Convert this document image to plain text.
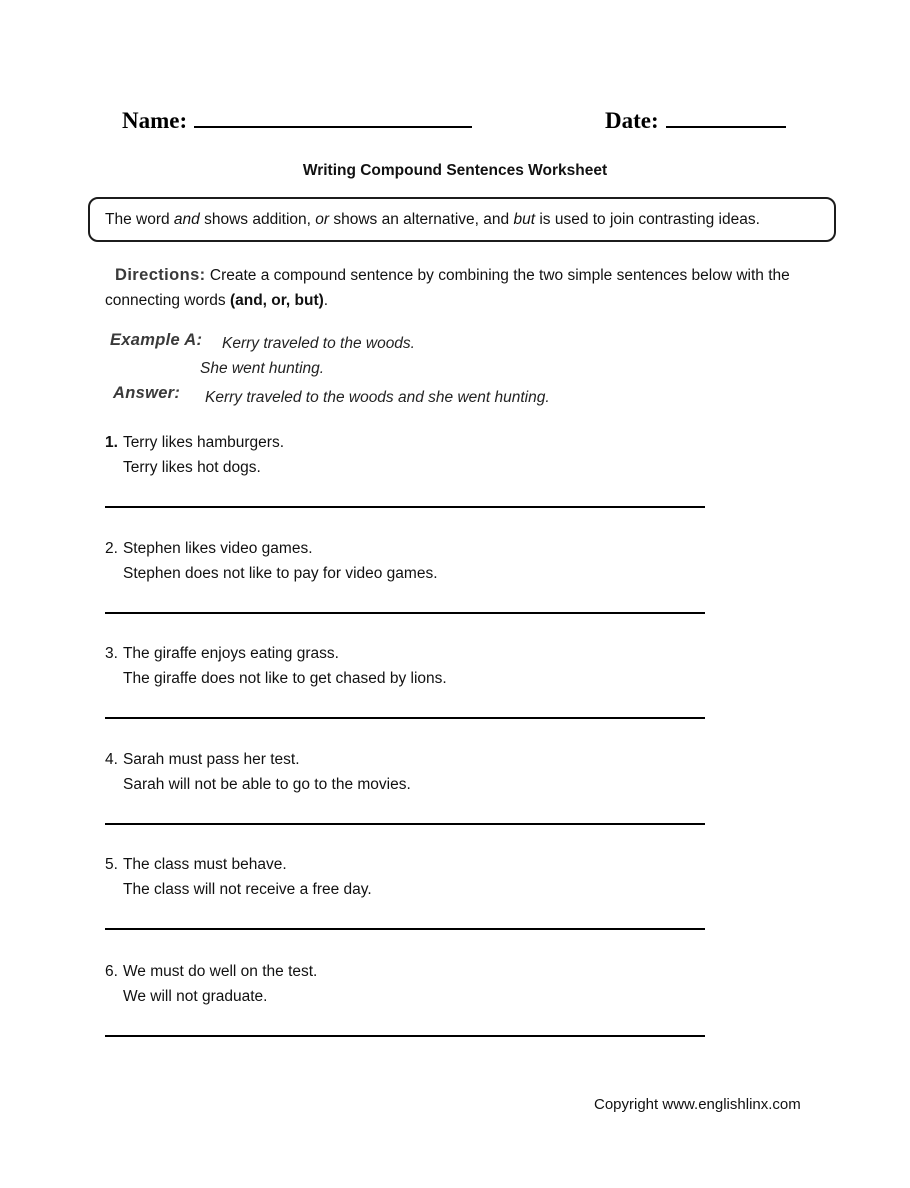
Name:	Date:
Writing Compound Sentences Worksheet
The word and shows addition, or shows an alternative, and but is used to join contrasting ideas.
Directions: Create a compound sentence by combining the two simple sentences below with the connecting words (and, or, but).
Example A: Kerry traveled to the woods.
She went hunting.
Answer: Kerry traveled to the woods and she went hunting.
1. Terry likes hamburgers.
Terry likes hot dogs.
2. Stephen likes video games.
Stephen does not like to pay for video games.
3. The giraffe enjoys eating grass.
The giraffe does not like to get chased by lions.
4. Sarah must pass her test.
Sarah will not be able to go to the movies.
5. The class must behave.
The class will not receive a free day.
6. We must do well on the test.
We will not graduate.
Copyright www.englishlinx.com
